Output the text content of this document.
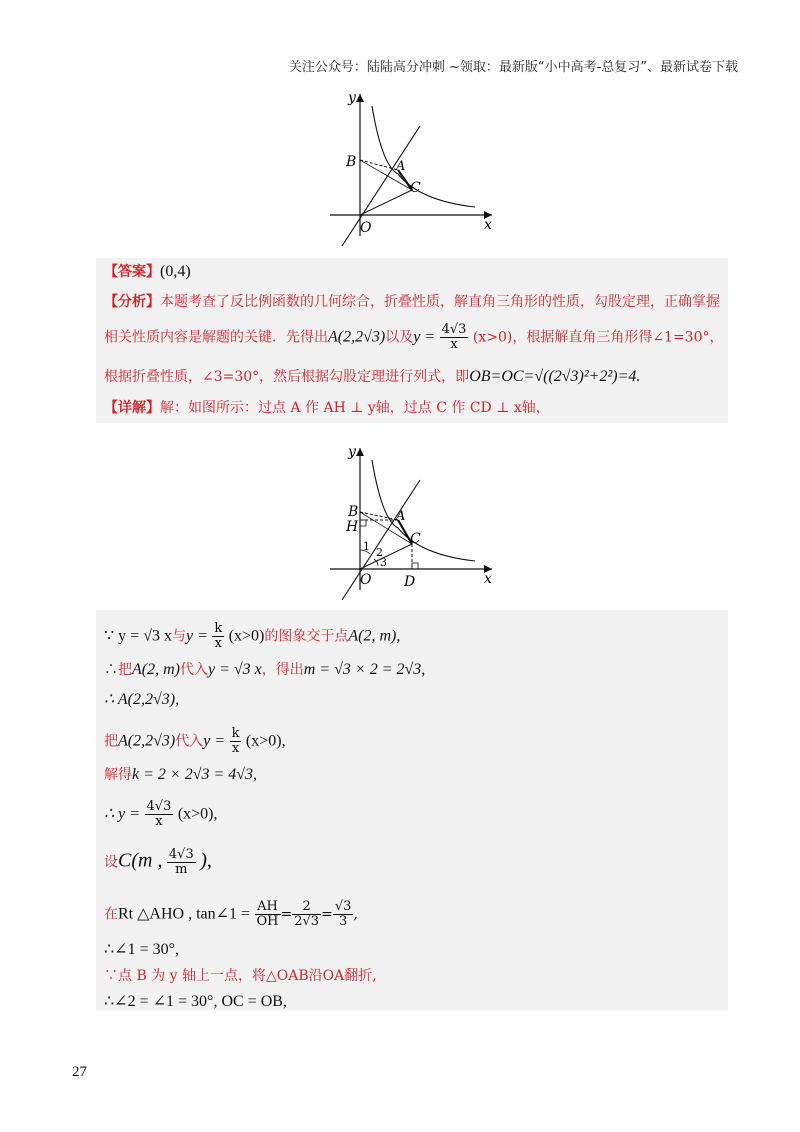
关注公众号：陆陆高分冲刺 ~领取：最新版“小中高考-总复习”、最新试卷下载
y
x
B	A
C
O
【答案】(0,4)
【分析】本题考查了反比例函数的几何综合，折叠性质，解直角三角形的性质，勾股定理，正确掌握
相关性质内容是解题的关键．先得出A(2,2√3)以及$y = \frac{4√3}{x} (x>0)$，根据解直角三角形得∠1=30°，
根据折叠性质，∠3=30°，然后根据勾股定理进行列式，即OB=OC=√((2√3)²+2²)=4.
【详解】解：如图所示：过点 A 作 AH ⊥ y轴，过点 C 作 CD ⊥ x轴，
y
x
B
H
A
C
O D
1 2
3
∵ y = √3 x与$y = \frac{k}{x} (x>0)$的图象交于点A(2, m),
∴把A(2, m)代入y = √3 x，得出m = √3 × 2 = 2√3,
∴ A(2,2√3),
把A(2,2√3)代入$y = \frac{k}{x} (x>0)$,
解得k = 2 × 2√3 = 4√3,
∴ $y = \frac{4√3}{x} (x>0)$,
设C(m , $\frac{4√3}{m}$ ),
在Rt △AHO , tan∠1 = $\frac{AH}{OH} = \frac{2}{2√3} = \frac{√3}{3}$ ,
∴∠1 = 30°,
∵点 B 为 y 轴上一点，将△OAB沿OA翻折,
∴∠2 = ∠1 = 30°, OC = OB,
27
